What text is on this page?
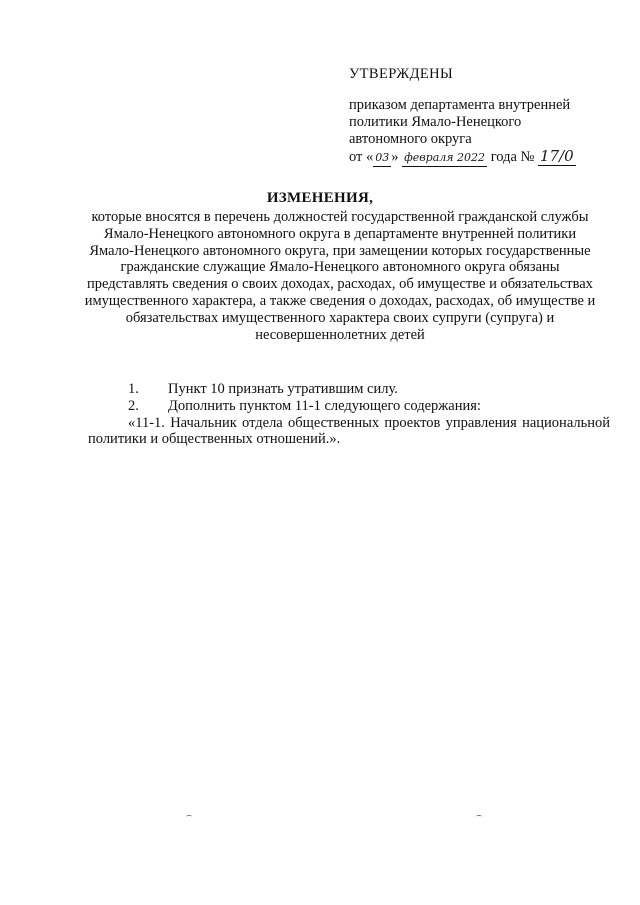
УТВЕРЖДЕНЫ
приказом департамента внутренней
политики Ямало-Ненецкого
автономного округа
от « 03 » февраля 2022 года № 17/0
ИЗМЕНЕНИЯ,
которые вносятся в перечень должностей государственной гражданской службы Ямало-Ненецкого автономного округа в департаменте внутренней политики Ямало-Ненецкого автономного округа, при замещении которых государственные гражданские служащие Ямало-Ненецкого автономного округа обязаны представлять сведения о своих доходах, расходах, об имуществе и обязательствах имущественного характера, а также сведения о доходах, расходах, об имуществе и обязательствах имущественного характера своих супруги (супруга) и несовершеннолетних детей
1.	Пункт 10 признать утратившим силу.
2.	Дополнить пунктом 11-1 следующего содержания:
«11-1. Начальник отдела общественных проектов управления национальной политики и общественных отношений.».
